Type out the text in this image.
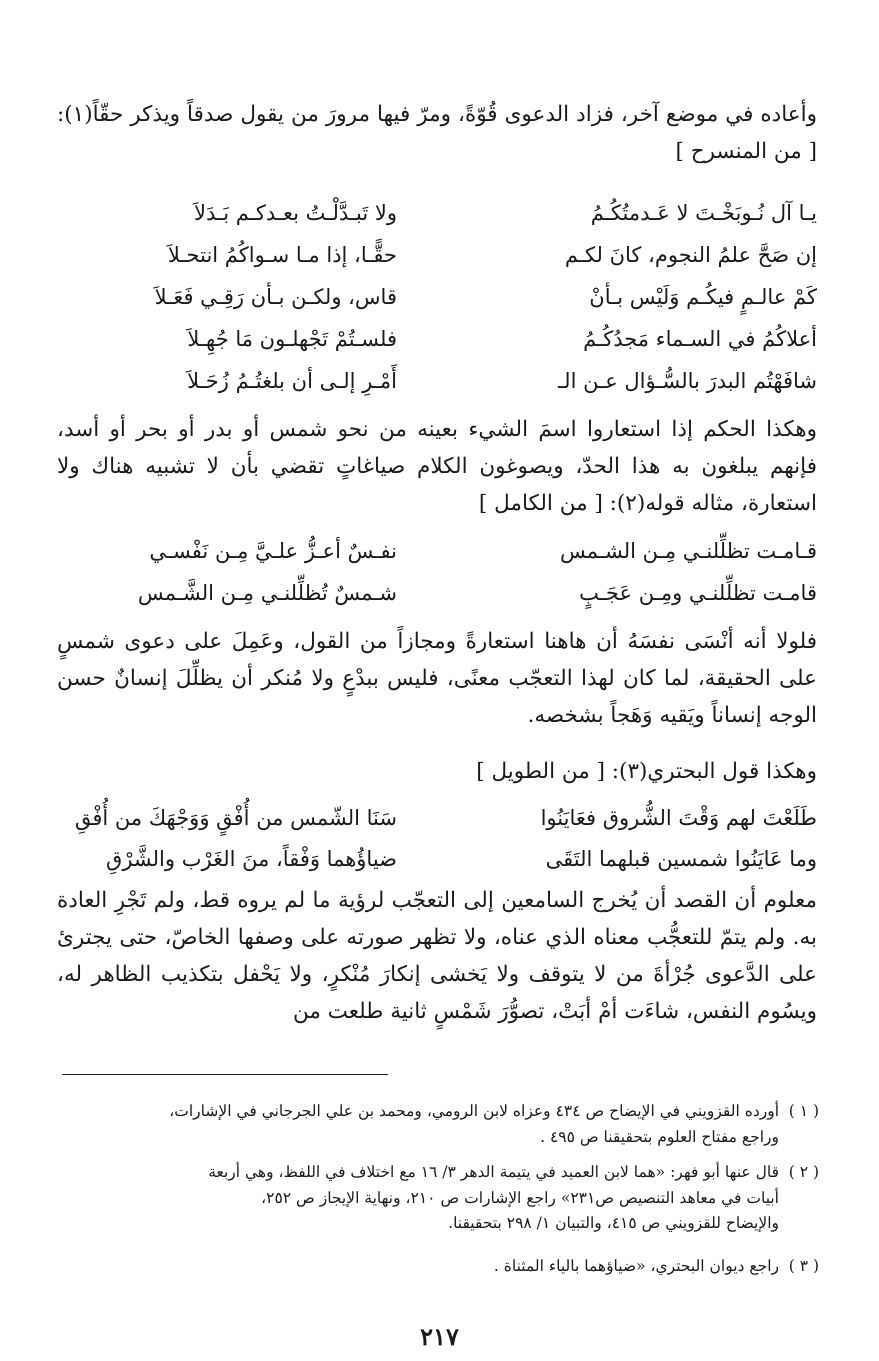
وأعاده في موضع آخر، فزاد الدعوى قُوّةً، ومرّ فيها مرورَ من يقول صدقاً ويذكر حقّاً(١): [ من المنسرح ]

يـا آل نُـوبَخْـتَ لا عَـدمتُكُـمُ
ولا تَبـدَّلْـتُ بعـدكـم بَـدَلاَ
إن صَحَّ علمُ النجوم، كانَ لكـم
حقًّـا، إذا مـا سـواكُمُ انتحـلاَ
كَمْ عالـمٍ فيكُـم وَلَيْس بـأنْ
قاس، ولكـن بـأن رَقِـي فَعَـلاَ
أعلاكُمُ في السـماء مَجدُكُـمُ
فلسـتُمْ تَجْهلـون مَا جُهِـلاَ
شافَهْتُم البدرَ بالسُّـؤال عـن الـ
أَمْـرِ إلـى أن بلغتُـمُ زُحَـلاَ

وهكذا الحكم إذا استعاروا اسمَ الشيء بعينه من نحو شمس أو بدر أو بحر أو أسد، فإنهم يبلغون به هذا الحدّ، ويصوغون الكلام صياغاتٍ تقضي بأن لا تشبيه هناك ولا استعارة، مثاله قوله(٢): [ من الكامل ]

قـامـت تظلِّلنـي مِـن الشـمس
نفـسٌ أعـزُّ علـيَّ مِـن نَفْسـي
قامـت تظلِّلنـي ومِـن عَجَـبٍ
شـمسٌ تُظلِّلنـي مِـن الشَّـمس

فلولا أنه أنْسَى نفسَهُ أن هاهنا استعارةً ومجازاً من القول، وعَمِلَ على دعوى شمسٍ على الحقيقة، لما كان لهذا التعجّب معنًى، فليس ببدْعٍ ولا مُنكر أن يظلِّلَ إنسانٌ حسن الوجه إنساناً ويَقيه وَهَجاً بشخصه.

وهكذا قول البحتري(٣): [ من الطويل ]

طَلَعْتَ لهم وَقْتَ الشُّروق فعَايَنُوا
سَنَا الشّمس من أُفْقٍ وَوَجْهَكَ من أُفْقِ
وما عَايَنُوا شمسين قبلهما التَقَى
ضياؤُهما وَفْقاً، منَ الغَرْب والشَّرْقِ

معلوم أن القصد أن يُخرج السامعين إلى التعجّب لرؤية ما لم يروه قط، ولم تَجْرِ العادة به. ولم يتمّ للتعجُّب معناه الذي عناه، ولا تظهر صورته على وصفها الخاصّ، حتى يجترئ على الدَّعوى جُرْأةَ من لا يتوقف ولا يَخشى إنكارَ مُنْكرٍ، ولا يَحْفل بتكذيب الظاهر له، ويسُوم النفس، شاءَت أمْ أبَتْ، تصوُّرَ شَمْسٍ ثانية طلعت من

( ١ )أورده القزويني في الإيضاح ص ٤٣٤ وعزاه لابن الرومي، ومحمد بن علي الجرجاني في الإشارات،
وراجع مفتاح العلوم بتحقيقنا ص ٤٩٥ .
( ٢ )قال عنها أبو فهر: «هما لابن العميد في يتيمة الدهر ٣/ ١٦ مع اختلاف في اللفظ، وهي أربعة
أبيات في معاهد التنصيص ص٢٣١» راجع الإشارات ص ٢١٠، ونهاية الإيجاز ص ٢٥٢،
والإيضاح للقزويني ص ٤١٥، والتبيان ١/ ٢٩٨ بتحقيقنا.
( ٣ )راجع ديوان البحتري، «ضياؤهما بالياء المثناة .
٢١٧
